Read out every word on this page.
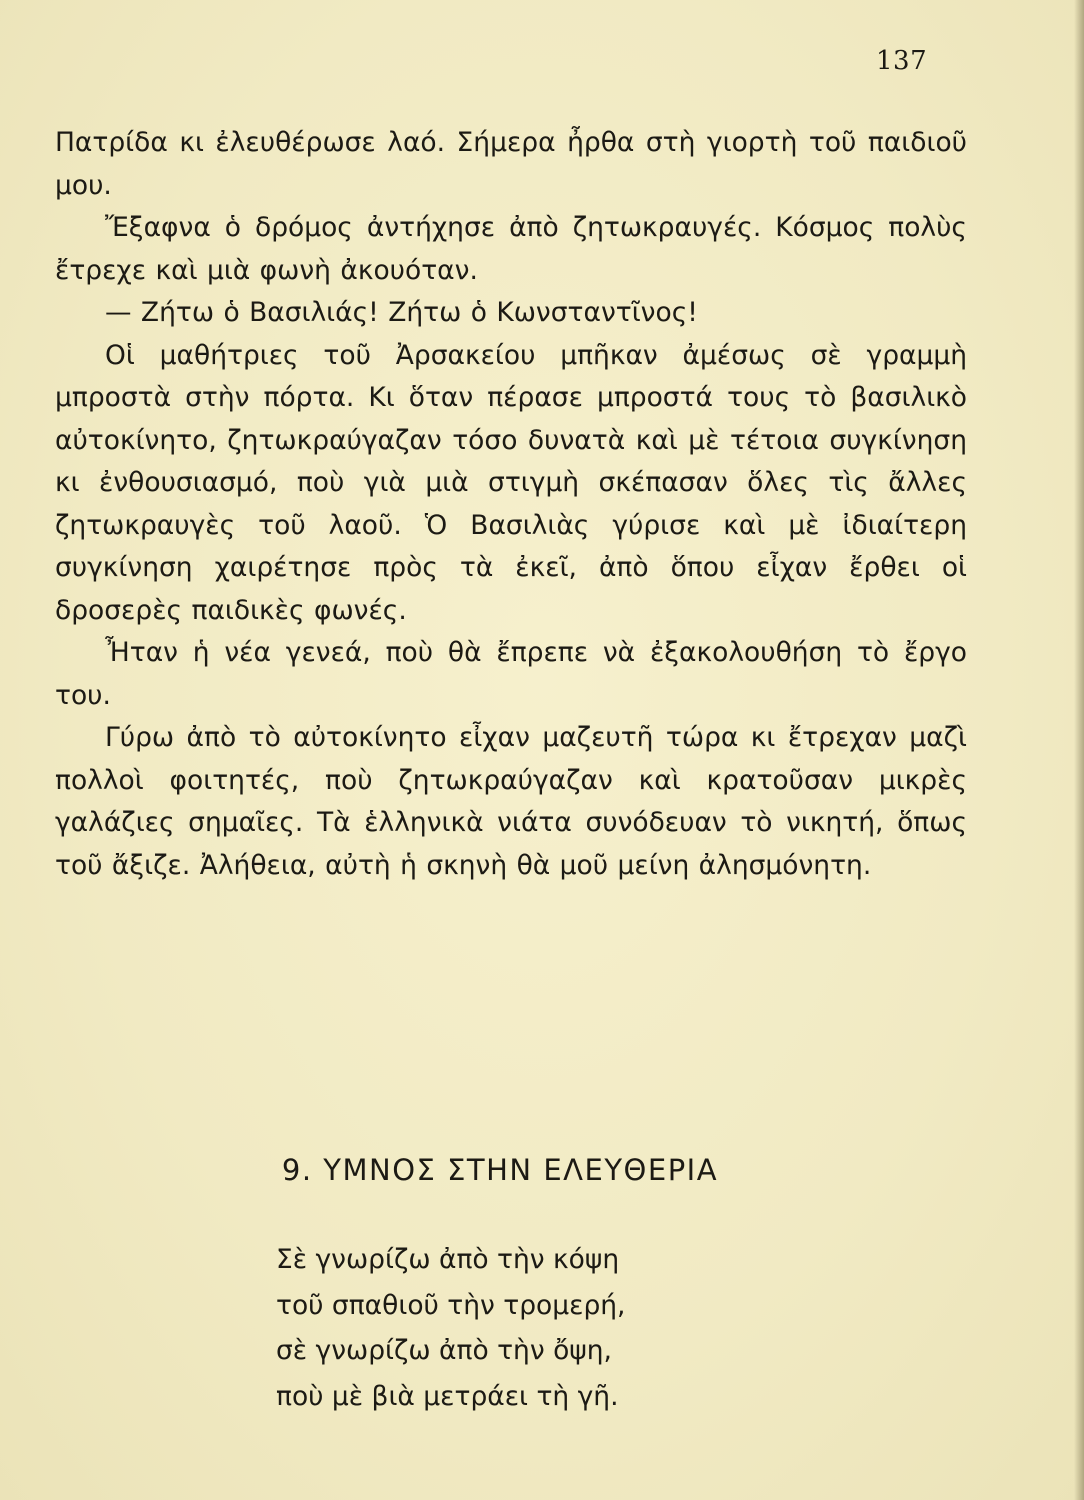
137

Πατρίδα κι ἐλευθέρωσε λαό. Σήμερα ἦρθα στὴ γιορτὴ τοῦ παιδιοῦ μου.

Ἔξαφνα ὁ δρόμος ἀντήχησε ἀπὸ ζητωκραυγές. Κόσμος πολὺς ἔτρεχε καὶ μιὰ φωνὴ ἀκουόταν.

— Ζήτω ὁ Βασιλιάς! Ζήτω ὁ Κωνσταντῖνος!

Οἱ μαθήτριες τοῦ Ἀρσακείου μπῆκαν ἀμέσως σὲ γραμμὴ μπροστὰ στὴν πόρτα. Κι ὅταν πέρασε μπροστά τους τὸ βασιλικὸ αὐτοκίνητο, ζητωκραύγαζαν τόσο δυνατὰ καὶ μὲ τέτοια συγκίνηση κι ἐνθουσιασμό, ποὺ γιὰ μιὰ στιγμὴ σκέπασαν ὅλες τὶς ἄλλες ζητωκραυγὲς τοῦ λαοῦ. Ὁ Βασιλιὰς γύρισε καὶ μὲ ἰδιαίτερη συγκίνηση χαιρέτησε πρὸς τὰ ἐκεῖ, ἀπὸ ὅπου εἶχαν ἔρθει οἱ δροσερὲς παιδικὲς φωνές.

Ἦταν ἡ νέα γενεά, ποὺ θὰ ἔπρεπε νὰ ἐξακολουθήση τὸ ἔργο του.

Γύρω ἀπὸ τὸ αὐτοκίνητο εἶχαν μαζευτῆ τώρα κι ἔτρεχαν μαζὶ πολλοὶ φοιτητές, ποὺ ζητωκραύγαζαν καὶ κρατοῦσαν μικρὲς γαλάζιες σημαῖες. Τὰ ἑλληνικὰ νιάτα συνόδευαν τὸ νικητή, ὅπως τοῦ ἄξιζε. Ἀλήθεια, αὐτὴ ἡ σκηνὴ θὰ μοῦ μείνη ἀλησμόνητη.

9. ΥΜΝΟΣ ΣΤΗΝ ΕΛΕΥΘΕΡΙΑ
Σὲ γνωρίζω ἀπὸ τὴν κόψη
τοῦ σπαθιοῦ τὴν τρομερή,
σὲ γνωρίζω ἀπὸ τὴν ὄψη,
ποὺ μὲ βιὰ μετράει τὴ γῆ.
